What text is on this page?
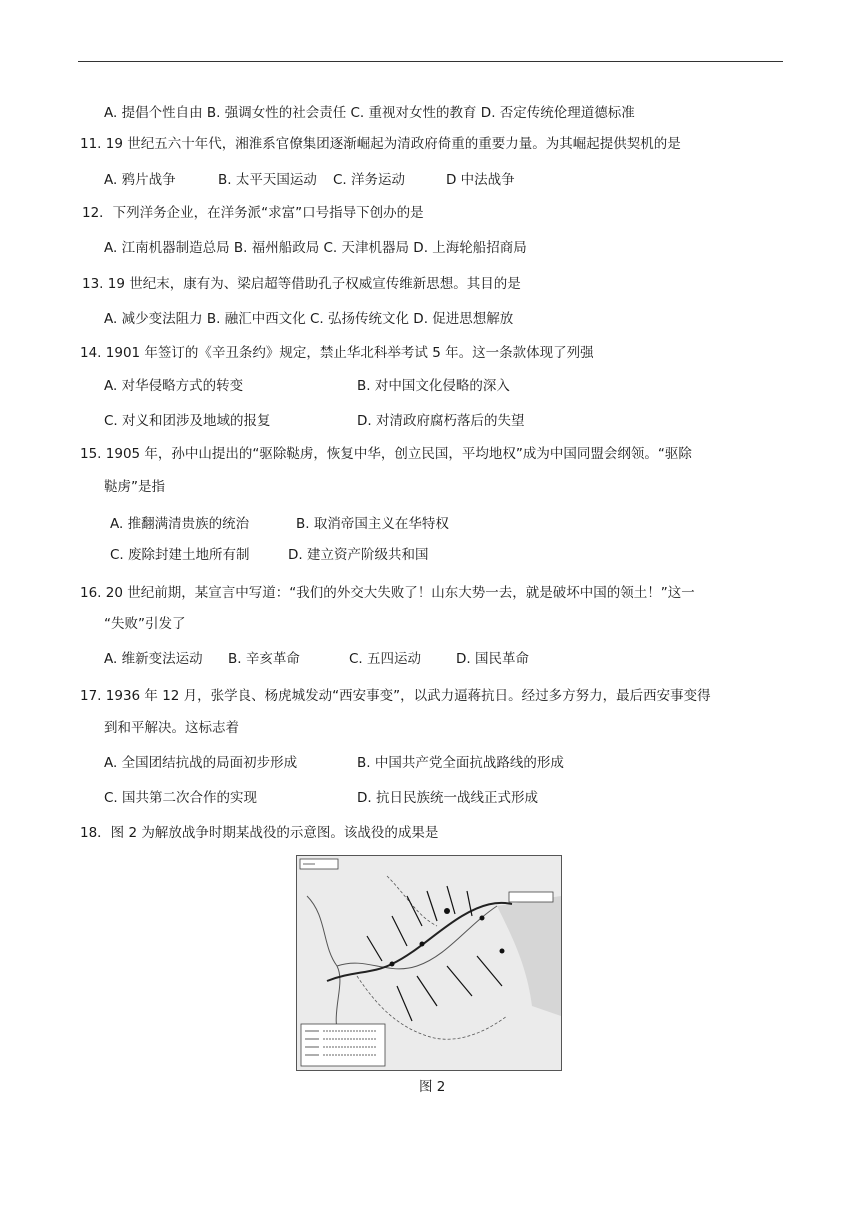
A. 提倡个性自由 B. 强调女性的社会责任 C. 重视对女性的教育 D. 否定传统伦理道德标准
11. 19 世纪五六十年代，湘淮系官僚集团逐渐崛起为清政府倚重的重要力量。为其崛起提供契机的是
A. 鸦片战争	B. 太平天国运动 C. 洋务运动	D 中法战争
12．下列洋务企业，在洋务派“求富”口号指导下创办的是
A. 江南机器制造总局 B. 福州船政局 C. 天津机器局 D. 上海轮船招商局
13. 19 世纪末，康有为、梁启超等借助孔子权威宣传维新思想。其目的是
A. 减少变法阻力 B. 融汇中西文化 C. 弘扬传统文化 D. 促进思想解放
14. 1901 年签订的《辛丑条约》规定，禁止华北科举考试 5 年。这一条款体现了列强
A. 对华侵略方式的转变	B. 对中国文化侵略的深入
C. 对义和团涉及地域的报复	D. 对清政府腐朽落后的失望
15. 1905 年，孙中山提出的“驱除鞑虏，恢复中华，创立民国，平均地权”成为中国同盟会纲领。“驱除
鞑虏”是指
A. 推翻满清贵族的统治	B. 取消帝国主义在华特权
C. 废除封建土地所有制	D. 建立资产阶级共和国
16. 20 世纪前期，某宣言中写道：“我们的外交大失败了！山东大势一去，就是破坏中国的领土！”这一
“失败”引发了
A. 维新变法运动 B. 辛亥革命	C. 五四运动	D. 国民革命
17. 1936 年 12 月，张学良、杨虎城发动“西安事变”，以武力逼蒋抗日。经过多方努力，最后西安事变得
到和平解决。这标志着
A. 全国团结抗战的局面初步形成	B. 中国共产党全面抗战路线的形成
C. 国共第二次合作的实现	D. 抗日民族统一战线正式形成
18．图 2 为解放战争时期某战役的示意图。该战役的成果是
图 2
